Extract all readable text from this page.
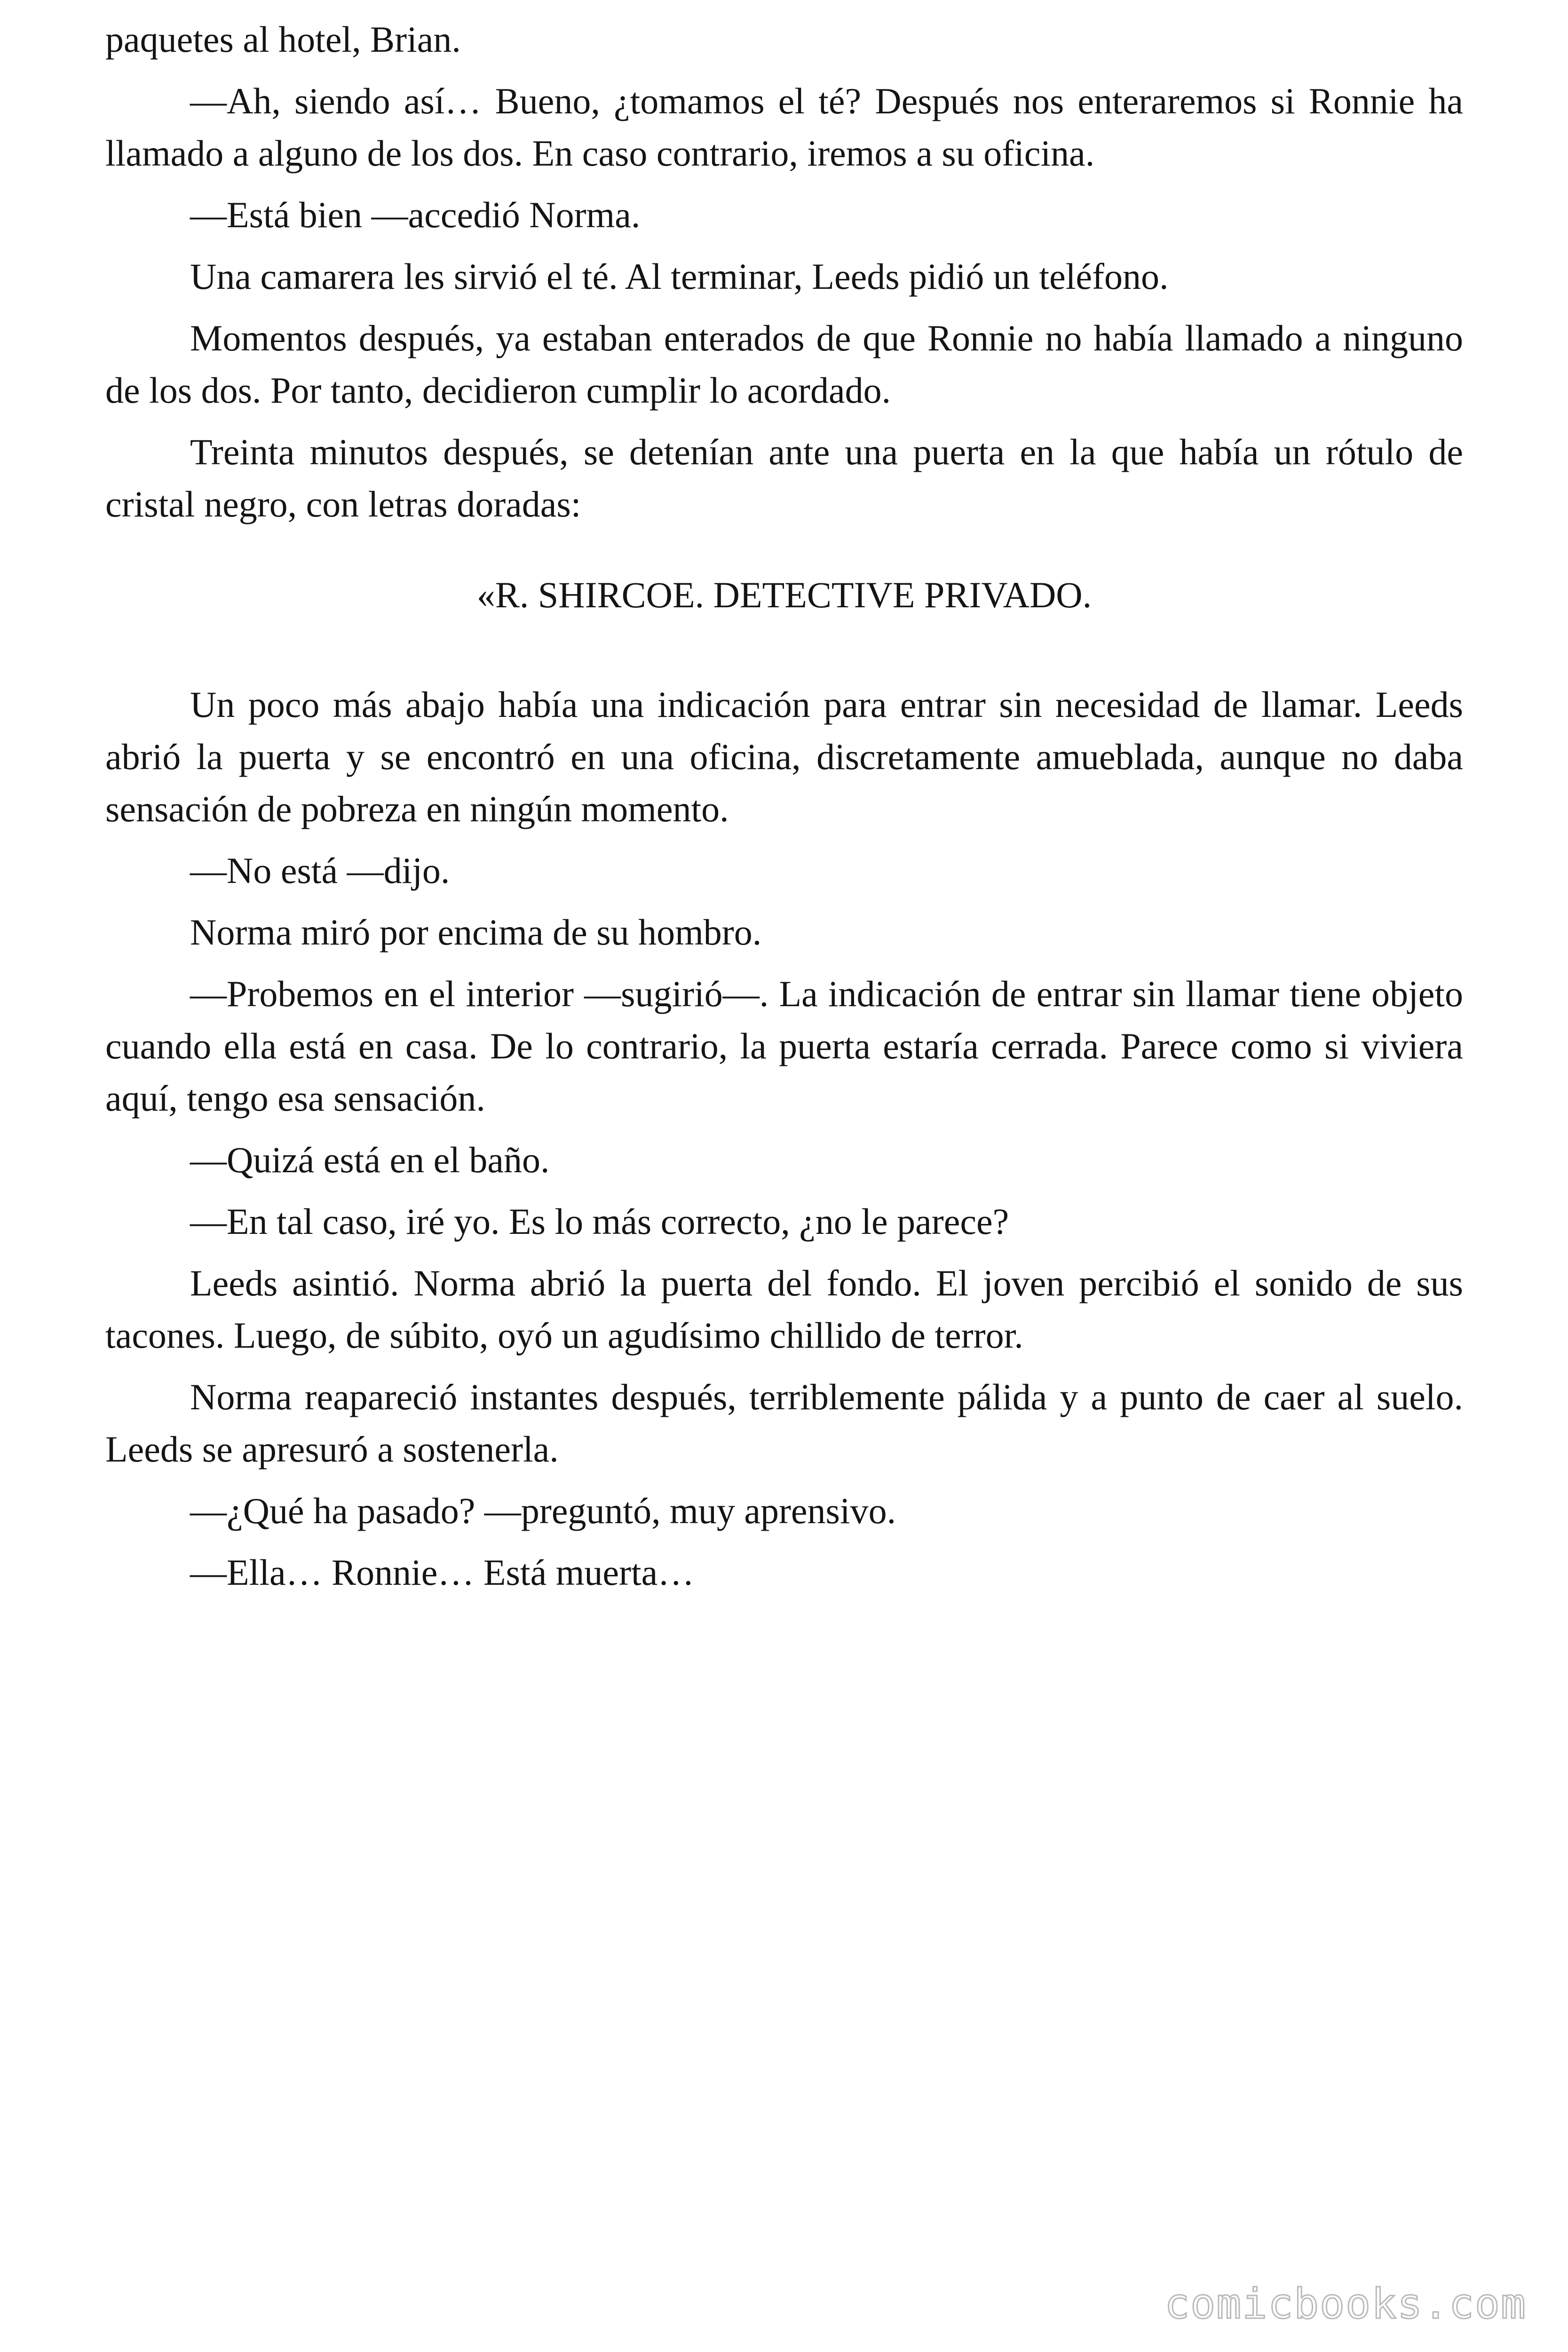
paquetes al hotel, Brian.

—Ah, siendo así… Bueno, ¿tomamos el té? Después nos enteraremos si Ronnie ha llamado a alguno de los dos. En caso contrario, iremos a su oficina.

—Está bien —accedió Norma.

Una camarera les sirvió el té. Al terminar, Leeds pidió un teléfono.

Momentos después, ya estaban enterados de que Ronnie no había llamado a ninguno de los dos. Por tanto, decidieron cumplir lo acordado.

Treinta minutos después, se detenían ante una puerta en la que había un rótulo de cristal negro, con letras doradas:

«R. SHIRCOE. DETECTIVE PRIVADO.

Un poco más abajo había una indicación para entrar sin necesidad de llamar. Leeds abrió la puerta y se encontró en una oficina, discretamente amueblada, aunque no daba sensación de pobreza en ningún momento.

—No está —dijo.

Norma miró por encima de su hombro.

—Probemos en el interior —sugirió—. La indicación de entrar sin llamar tiene objeto cuando ella está en casa. De lo contrario, la puerta estaría cerrada. Parece como si viviera aquí, tengo esa sensación.

—Quizá está en el baño.

—En tal caso, iré yo. Es lo más correcto, ¿no le parece?

Leeds asintió. Norma abrió la puerta del fondo. El joven percibió el sonido de sus tacones. Luego, de súbito, oyó un agudísimo chillido de terror.

Norma reapareció instantes después, terriblemente pálida y a punto de caer al suelo. Leeds se apresuró a sostenerla.

—¿Qué ha pasado? —preguntó, muy aprensivo.

—Ella… Ronnie… Está muerta…

comicbooks.com
